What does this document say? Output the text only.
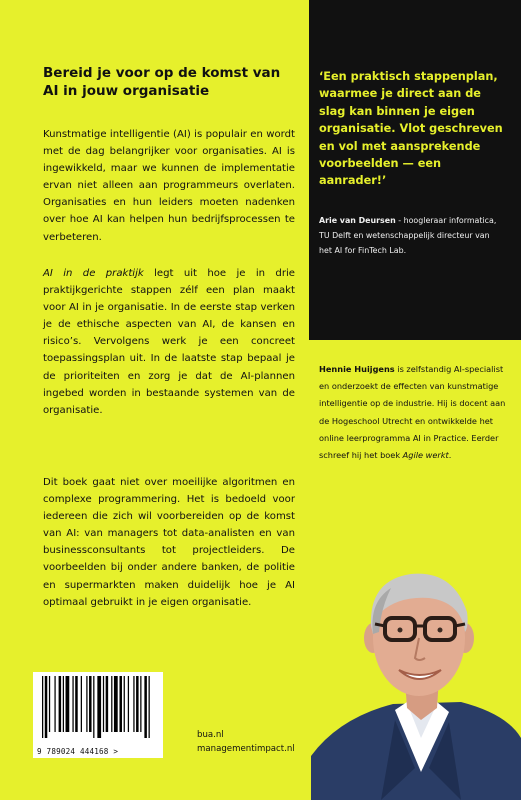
Bereid je voor op de komst van AI in jouw organisatie

Kunstmatige intelligentie (AI) is populair en wordt met de dag belangrijker voor organisaties. AI is ingewikkeld, maar we kunnen de implementatie ervan niet alleen aan programmeurs overlaten. Organisaties en hun leiders moeten nadenken over hoe AI kan helpen hun bedrijfsprocessen te verbeteren.

AI in de praktijk legt uit hoe je in drie praktijkgerichte stappen zélf een plan maakt voor AI in je organisatie. In de eerste stap verken je de ethische aspecten van AI, de kansen en risico’s. Vervolgens werk je een concreet toepassingsplan uit. In de laatste stap bepaal je de prioriteiten en zorg je dat de AI-plannen ingebed worden in bestaande systemen van de organisatie.

Dit boek gaat niet over moeilijke algoritmen en complexe programmering. Het is bedoeld voor iedereen die zich wil voorbereiden op de komst van AI: van managers tot data-analisten en van businessconsultants tot projectleiders. De voorbeelden bij onder andere banken, de politie en supermarkten maken duidelijk hoe je AI optimaal gebruikt in je eigen organisatie.

‘Een praktisch stappenplan, waarmee je direct aan de slag kan binnen je eigen organisatie. Vlot geschreven en vol met aansprekende voorbeelden — een aanrader!’

Arie van Deursen - hoogleraar informatica, TU Delft en wetenschappelijk directeur van het AI for FinTech Lab.

Hennie Huijgens is zelfstandig AI-specialist en onderzoekt de effecten van kunstmatige intelligentie op de industrie. Hij is docent aan de Hogeschool Utrecht en ontwikkelde het online leerprogramma AI in Practice. Eerder schreef hij het boek Agile werkt.

9 789024 444168 >
bua.nl
managementimpact.nl
